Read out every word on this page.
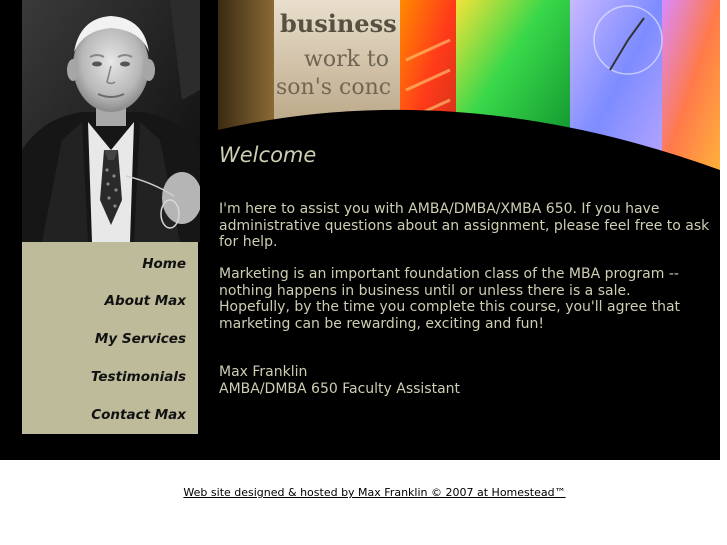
Home
About Max
My Services
Testimonials
Contact Max
business
work to
son's conc
Welcome

I'm here to assist you with AMBA/DMBA/XMBA 650. If you have
administrative questions about an assignment, please feel free to ask
for help.

Marketing is an important foundation class of the MBA program --
nothing happens in business until or unless there is a sale.
Hopefully, by the time you complete this course, you'll agree that
marketing can be rewarding, exciting and fun!

Max Franklin
AMBA/DMBA 650 Faculty Assistant

Web site designed & hosted by Max Franklin © 2007 at Homestead™
